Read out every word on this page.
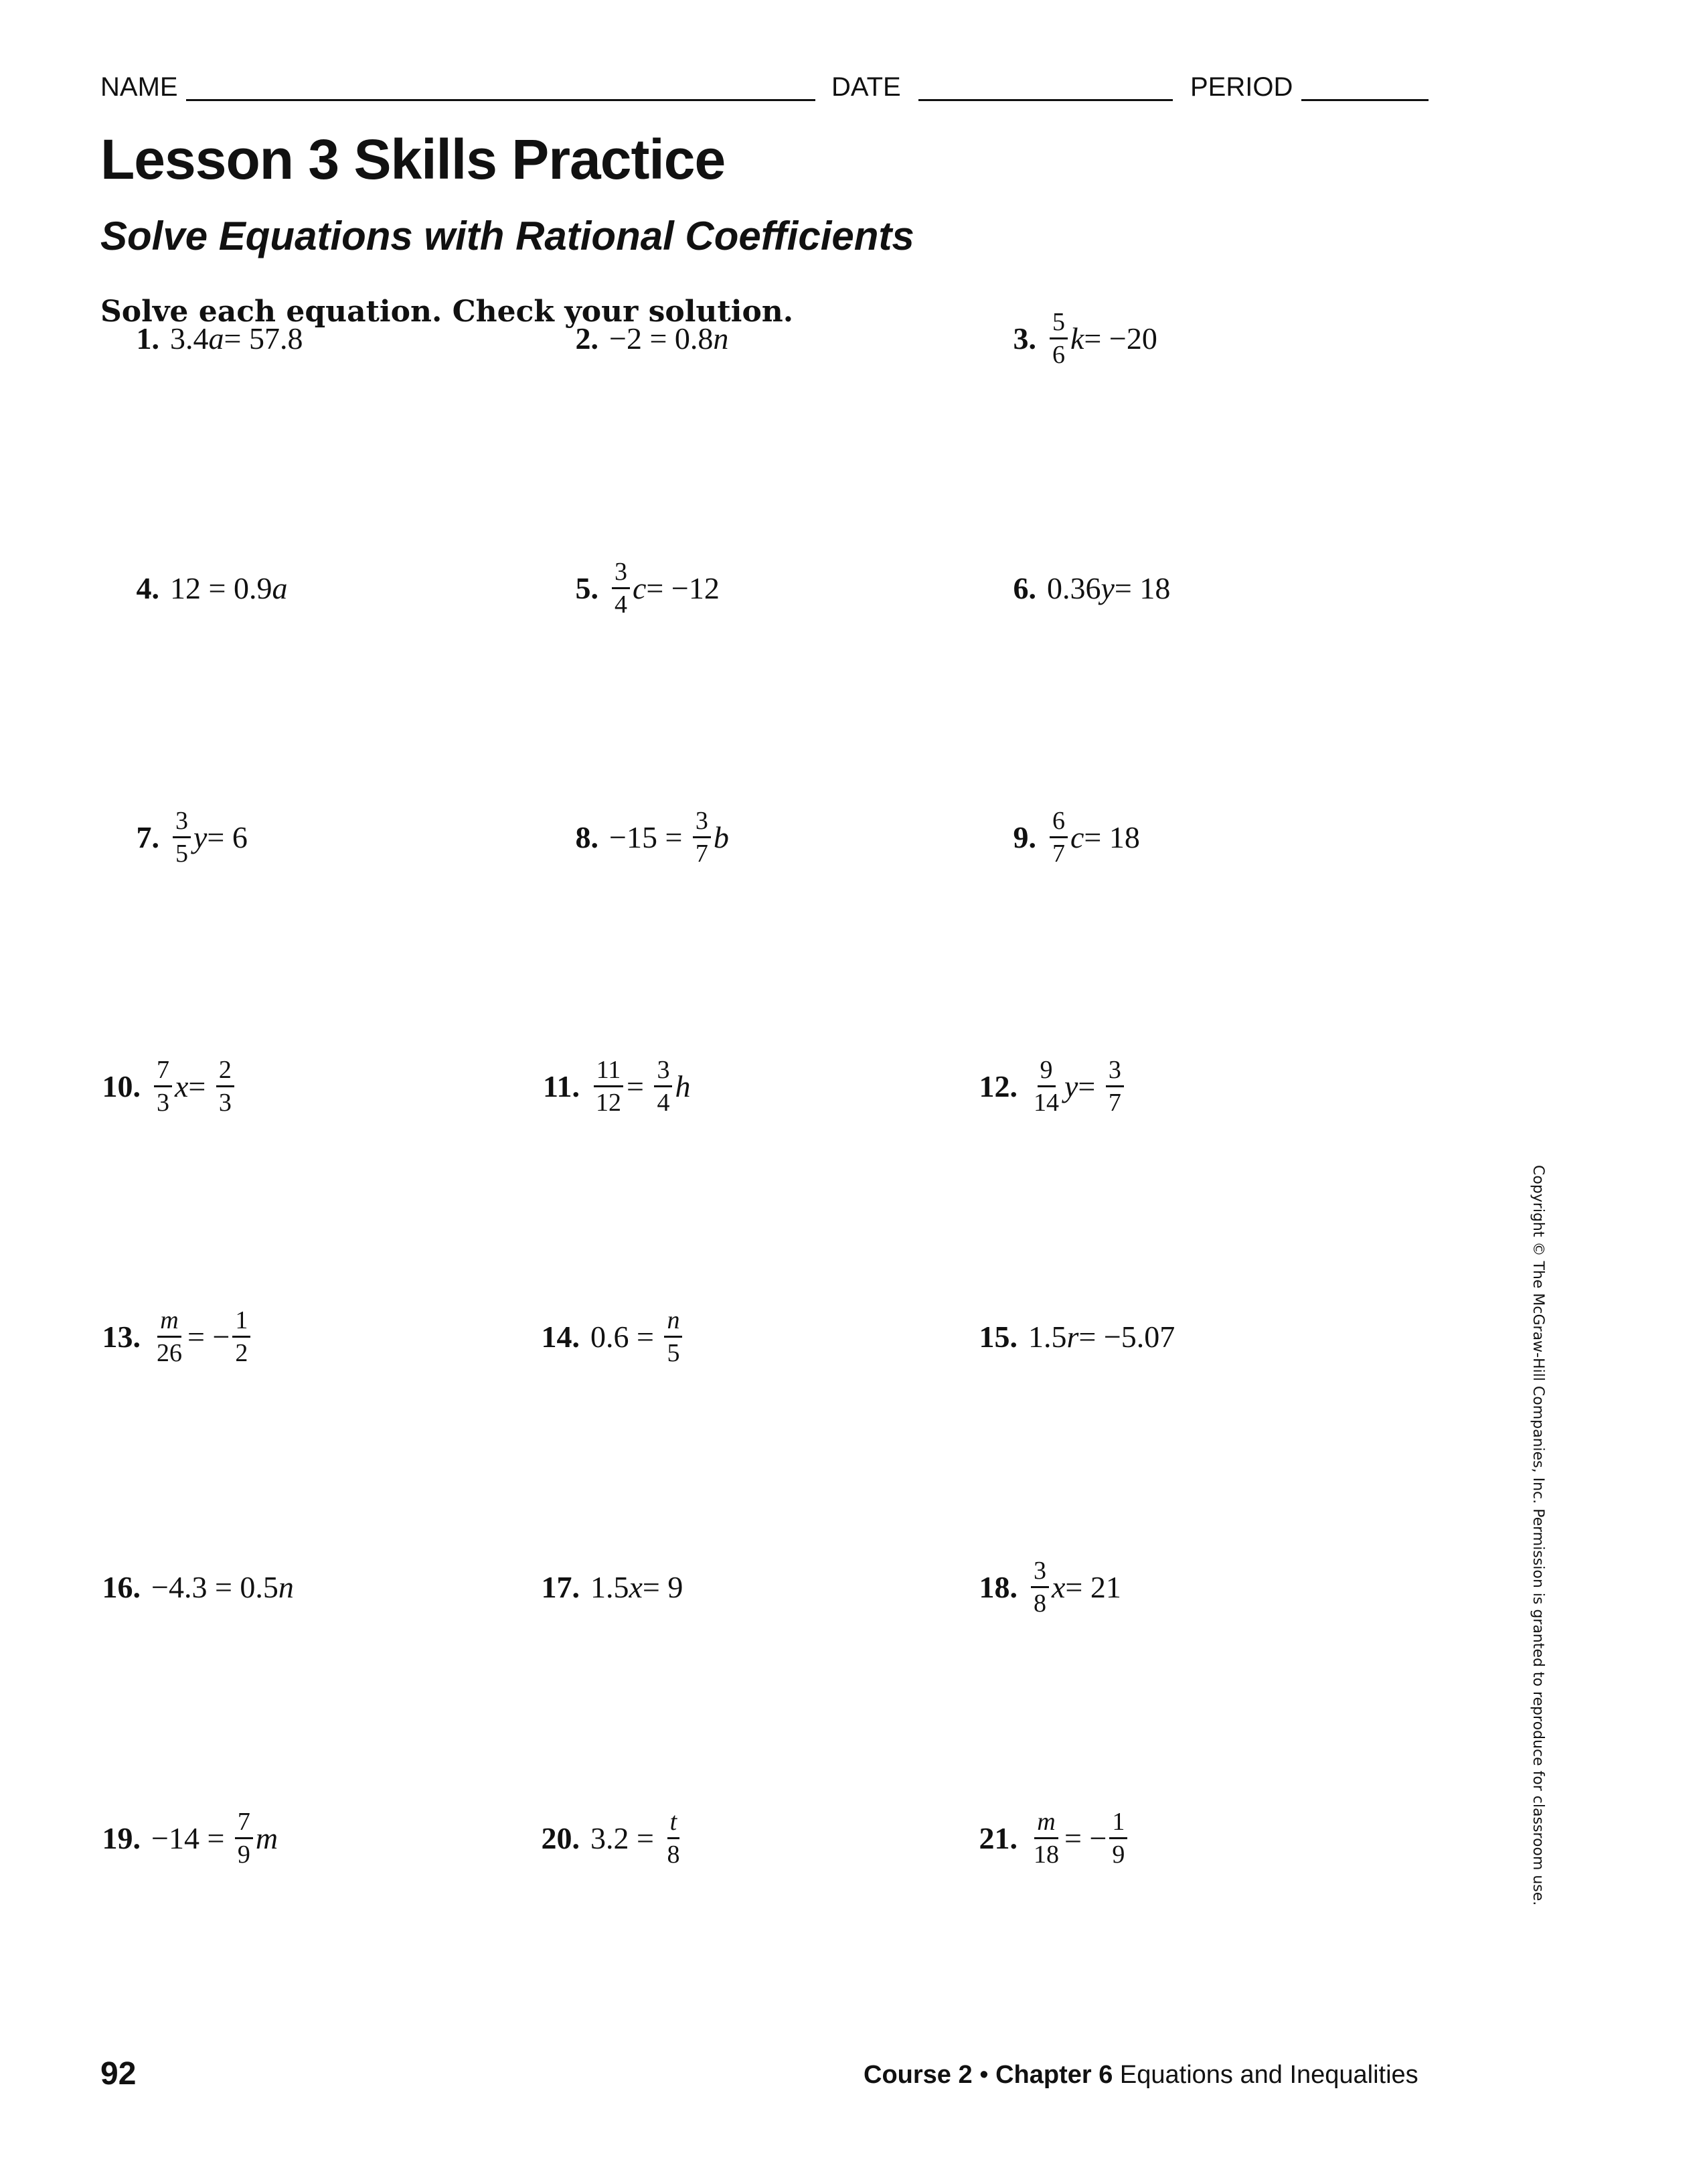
NAME	DATE	PERIOD
Lesson 3 Skills Practice
Solve Equations with Rational Coefficients
Solve each equation. Check your solution.
1. 3.4 a = 57.8	2. −2 = 0.8 n	3. $\frac{5}{6}$ k = −20
4. 12 = 0.9 a	5. $\frac{3}{4}$ c = −12	6. 0.36 y = 18
7. $\frac{3}{5}$ y = 6	8. $-15 = \frac{3}{7}$ b	9. $\frac{6}{7}$ c = 18
10. $\frac{7}{3}$ $x = \frac{2}{3}$	11. $\frac{11}{12} = \frac{3}{4}$ h	12. $\frac{9}{14}$ $y = \frac{3}{7}$
13. $\frac{m}{26}$ = − $\frac{1}{2}$	14. $0.6 = \frac{n}{5}$	15. 1.5 r = −5.07
16. −4.3 = 0.5 n	17. 1.5 x = 9	18. $\frac{3}{8}$ x = 21
19. $-14 = \frac{7}{9}$ m	20. $3.2 = \frac{t}{8}$	21. $\frac{m}{18}$ = − $\frac{1}{9}$	Copyright © The McGraw-Hill Companies, Inc. Permission is granted to reproduce for classroom use.
92	Course 2 • Chapter 6 Equations and Inequalities
